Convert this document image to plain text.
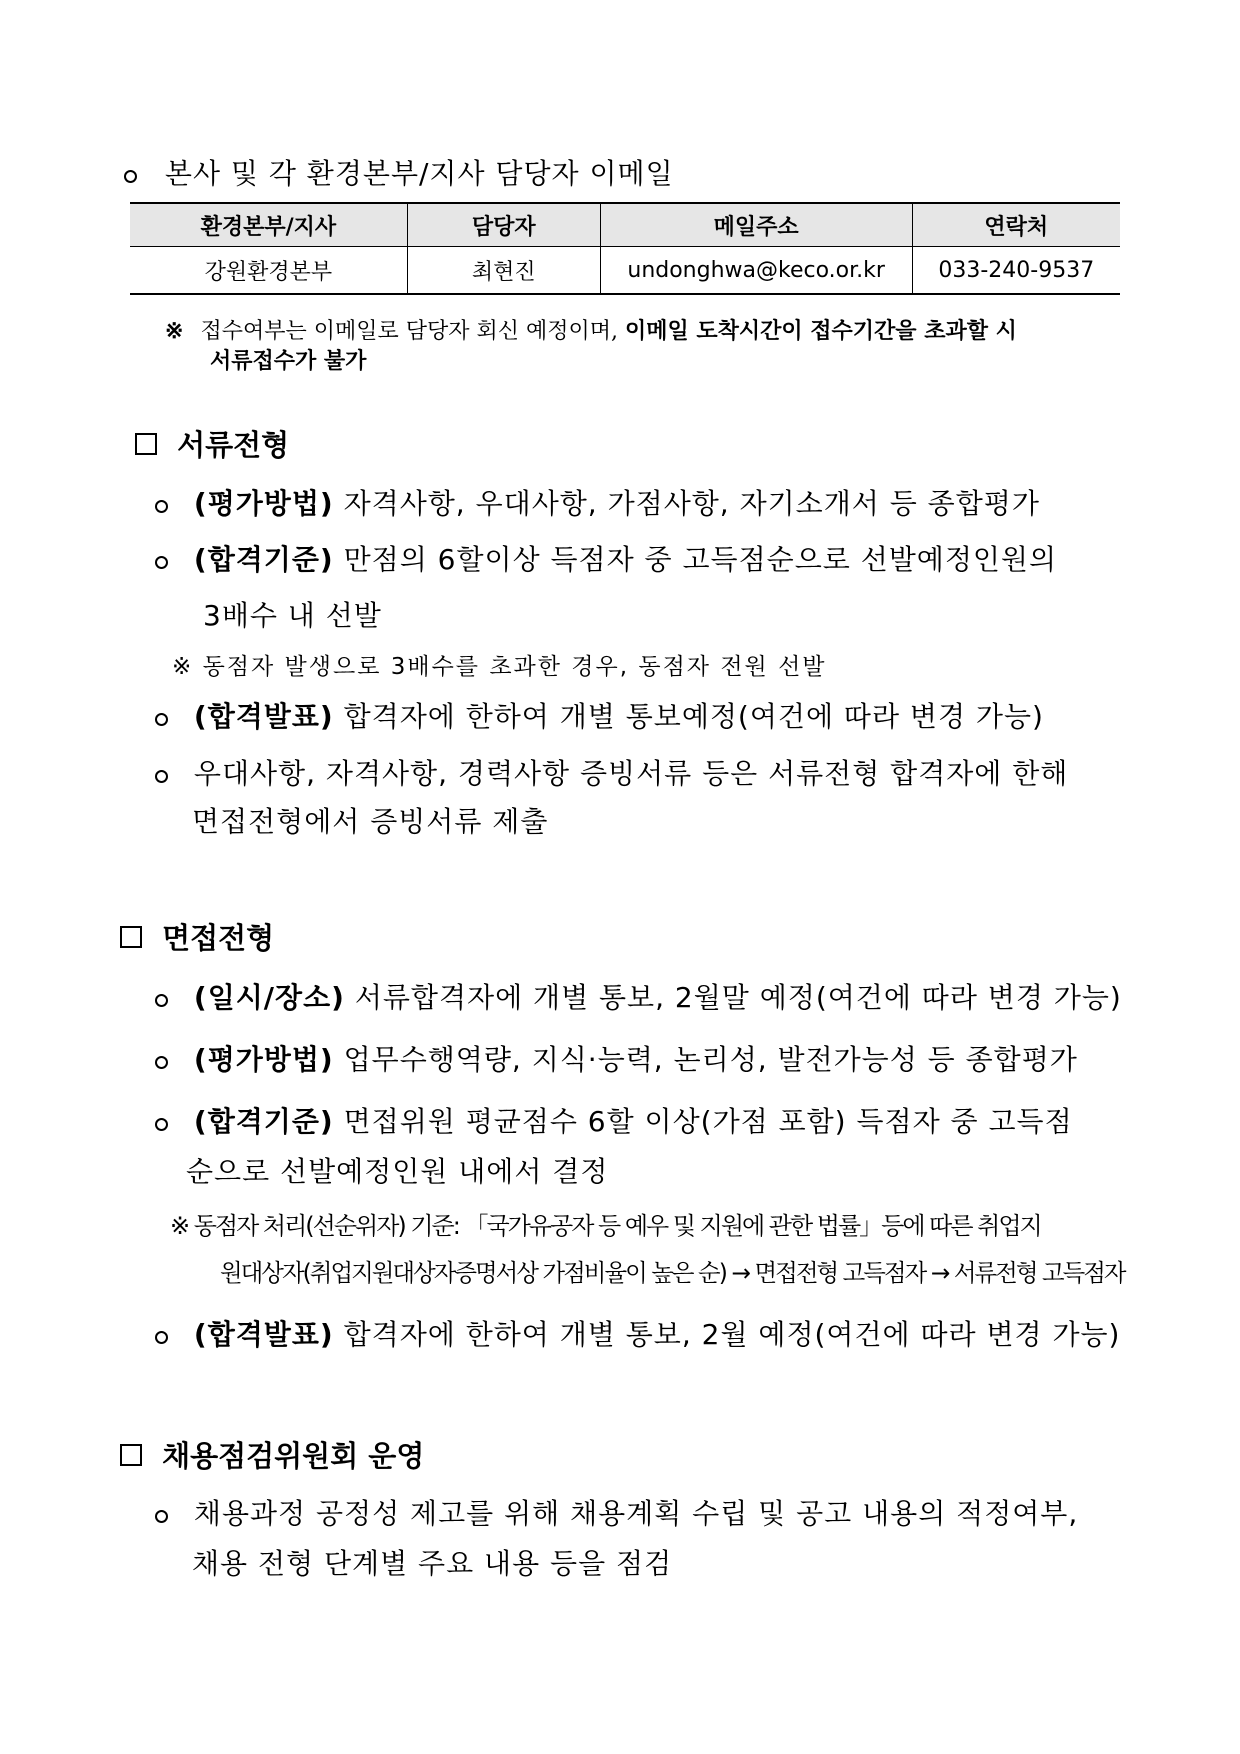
본사 및 각 환경본부/지사 담당자 이메일
환경본부/지사	담당자	메일주소	연락처
강원환경본부	최현진	undonghwa@keco.or.kr	033-240-9537
※ 접수여부는 이메일로 담당자 회신 예정이며, 이메일 도착시간이 접수기간을 초과할 시
서류접수가 불가
서류전형
(평가방법) 자격사항, 우대사항, 가점사항, 자기소개서 등 종합평가
(합격기준) 만점의 6할이상 득점자 중 고득점순으로 선발예정인원의
3배수 내 선발
※ 동점자 발생으로 3배수를 초과한 경우, 동점자 전원 선발
(합격발표) 합격자에 한하여 개별 통보예정(여건에 따라 변경 가능)
우대사항, 자격사항, 경력사항 증빙서류 등은 서류전형 합격자에 한해
면접전형에서 증빙서류 제출
면접전형
(일시/장소) 서류합격자에 개별 통보, 2월말 예정(여건에 따라 변경 가능)
(평가방법) 업무수행역량, 지식·능력, 논리성, 발전가능성 등 종합평가
(합격기준) 면접위원 평균점수 6할 이상(가점 포함) 득점자 중 고득점
순으로 선발예정인원 내에서 결정
※ 동점자 처리(선순위자) 기준: 「국가유공자 등 예우 및 지원에 관한 법률」등에 따른 취업지
원대상자(취업지원대상자증명서상 가점비율이 높은 순) → 면접전형 고득점자 → 서류전형 고득점자
(합격발표) 합격자에 한하여 개별 통보, 2월 예정(여건에 따라 변경 가능)
채용점검위원회 운영
채용과정 공정성 제고를 위해 채용계획 수립 및 공고 내용의 적정여부,
채용 전형 단계별 주요 내용 등을 점검
